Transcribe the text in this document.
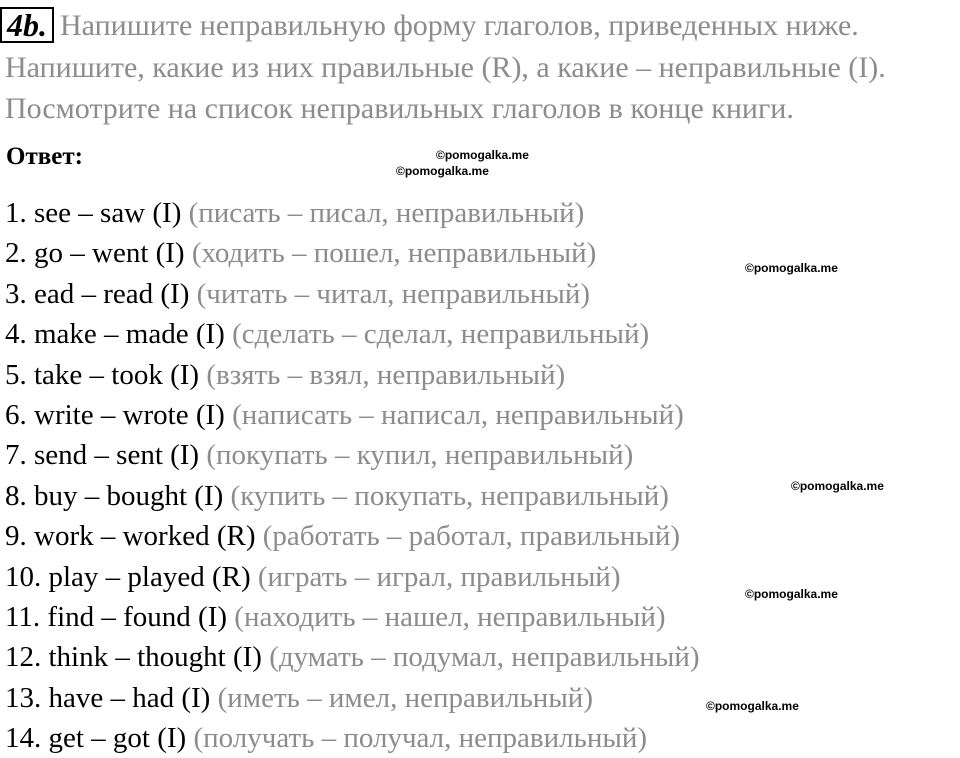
4b. Напишите неправильную форму глаголов, приведенных ниже.
Напишите, какие из них правильные (R), а какие – неправильные (I).
Посмотрите на список неправильных глаголов в конце книги.
Ответ:	©pomogalka.me
©pomogalka.me
©pomogalka.me
©pomogalka.me
©pomogalka.me
©pomogalka.me
1. see – saw (I) (писать – писал, неправильный)
2. go – went (I) (ходить – пошел, неправильный)
3. ead – read (I) (читать – читал, неправильный)
4. make – made (I) (сделать – сделал, неправильный)
5. take – took (I) (взять – взял, неправильный)
6. write – wrote (I) (написать – написал, неправильный)
7. send – sent (I) (покупать – купил, неправильный)
8. buy – bought (I) (купить – покупать, неправильный)
9. work – worked (R) (работать – работал, правильный)
10. play – played (R) (играть – играл, правильный)
11. find – found (I) (находить – нашел, неправильный)
12. think – thought (I) (думать – подумал, неправильный)
13. have – had (I) (иметь – имел, неправильный)
14. get – got (I) (получать – получал, неправильный)
